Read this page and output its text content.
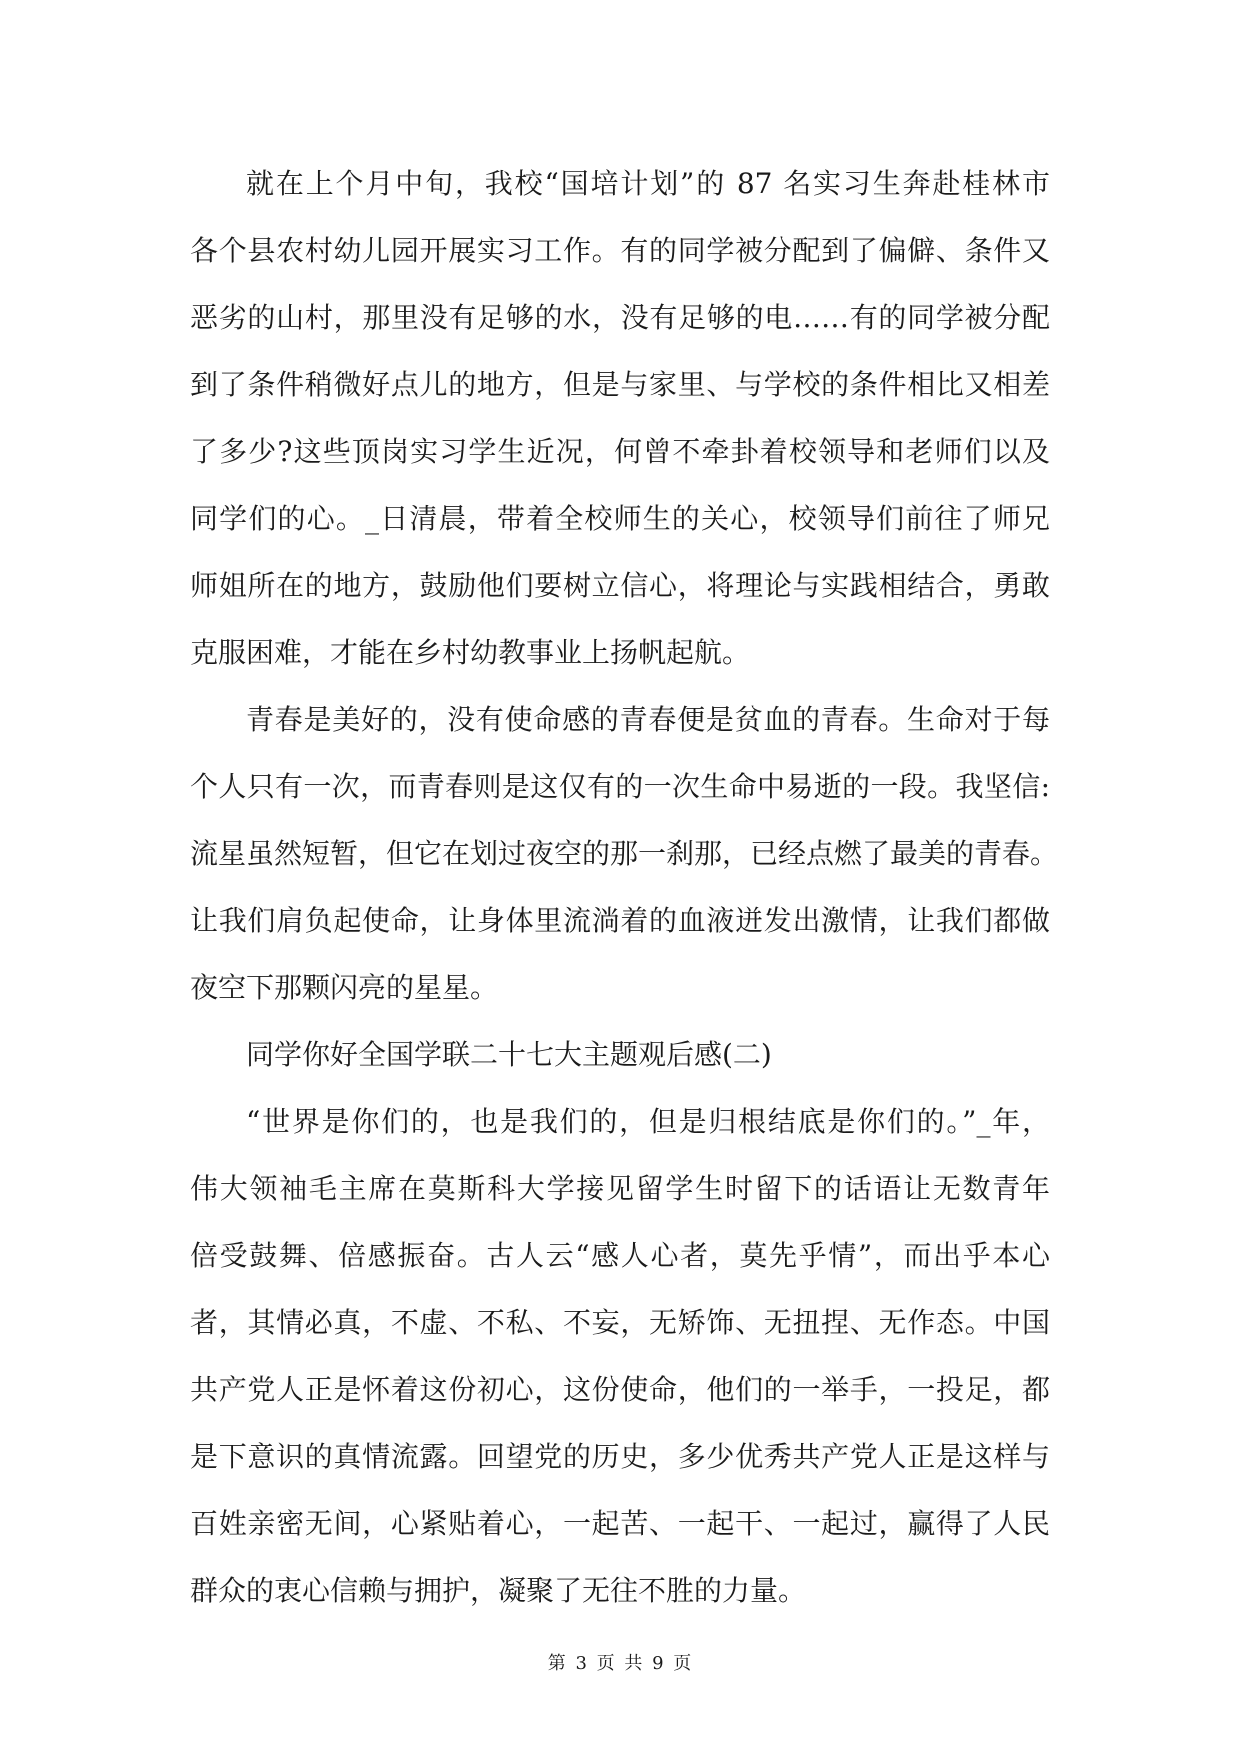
就在上个月中旬，我校“国培计划”的 87 名实习生奔赴桂林市
各个县农村幼儿园开展实习工作。有的同学被分配到了偏僻、条件又
恶劣的山村，那里没有足够的水，没有足够的电……有的同学被分配
到了条件稍微好点儿的地方，但是与家里、与学校的条件相比又相差
了多少?这些顶岗实习学生近况，何曾不牵卦着校领导和老师们以及
同学们的心。_日清晨，带着全校师生的关心，校领导们前往了师兄
师姐所在的地方，鼓励他们要树立信心，将理论与实践相结合，勇敢
克服困难，才能在乡村幼教事业上扬帆起航。
青春是美好的，没有使命感的青春便是贫血的青春。生命对于每
个人只有一次，而青春则是这仅有的一次生命中易逝的一段。我坚信:
流星虽然短暂，但它在划过夜空的那一刹那，已经点燃了最美的青春。
让我们肩负起使命，让身体里流淌着的血液迸发出激情，让我们都做
夜空下那颗闪亮的星星。
同学你好全国学联二十七大主题观后感(二)
“世界是你们的，也是我们的，但是归根结底是你们的。”_年，
伟大领袖毛主席在莫斯科大学接见留学生时留下的话语让无数青年
倍受鼓舞、倍感振奋。古人云“感人心者，莫先乎情”，而出乎本心
者，其情必真，不虚、不私、不妄，无矫饰、无扭捏、无作态。中国
共产党人正是怀着这份初心，这份使命，他们的一举手，一投足，都
是下意识的真情流露。回望党的历史，多少优秀共产党人正是这样与
百姓亲密无间，心紧贴着心，一起苦、一起干、一起过，赢得了人民
群众的衷心信赖与拥护，凝聚了无往不胜的力量。
第 3 页 共 9 页
